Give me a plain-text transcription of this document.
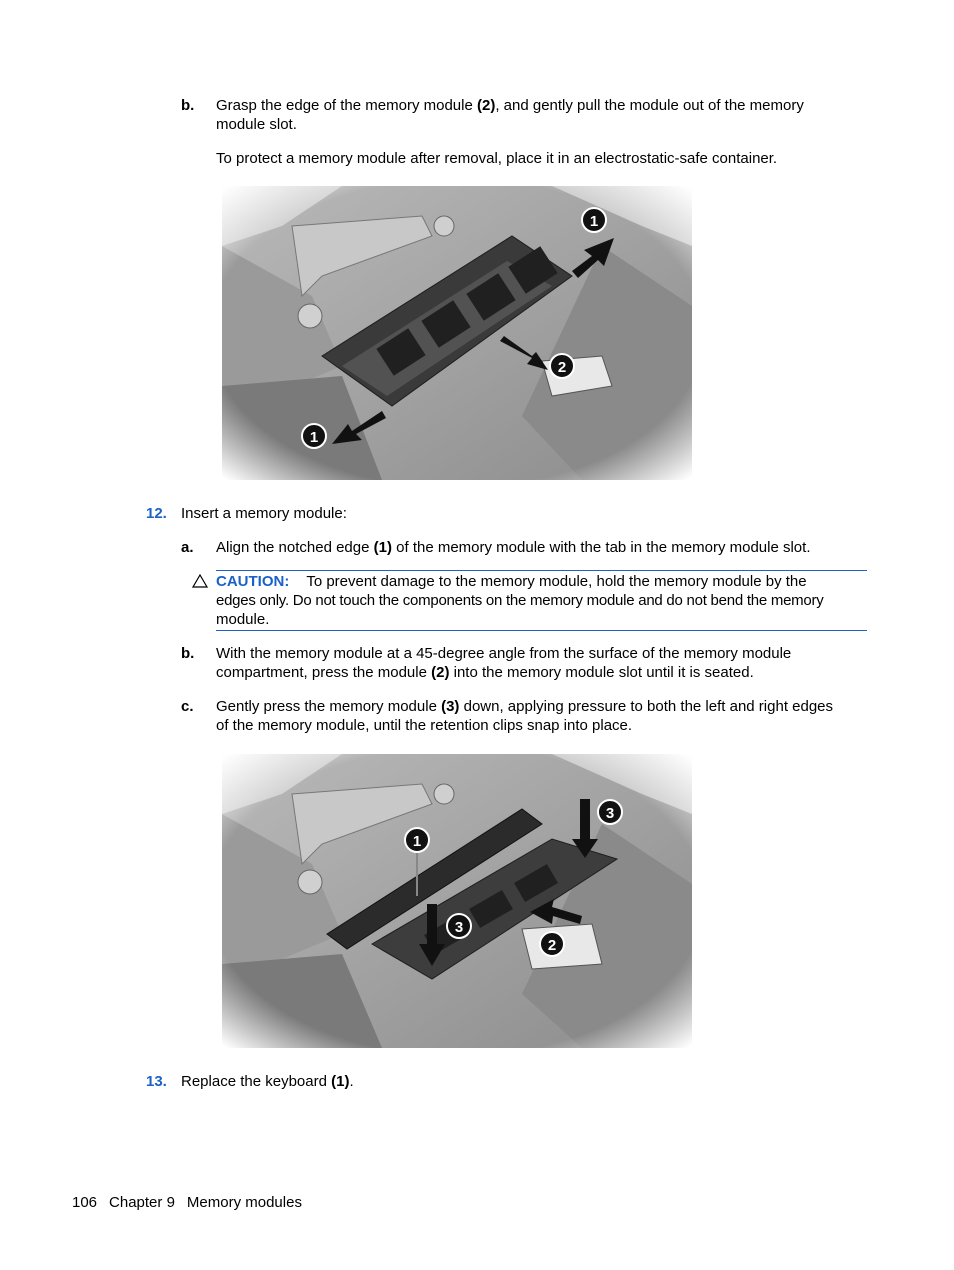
b. Grasp the edge of the memory module (2), and gently pull the module out of the memory
module slot.
To protect a memory module after removal, place it in an electrostatic-safe container.
12. Insert a memory module:
a. Align the notched edge (1) of the memory module with the tab in the memory module slot.
CAUTION: To prevent damage to the memory module, hold the memory module by the
edges only. Do not touch the components on the memory module and do not bend the memory
module.
b. With the memory module at a 45-degree angle from the surface of the memory module
compartment, press the module (2) into the memory module slot until it is seated.
c. Gently press the memory module (3) down, applying pressure to both the left and right edges
of the memory module, until the retention clips snap into place.
13. Replace the keyboard (1).
106 Chapter 9 Memory modules
